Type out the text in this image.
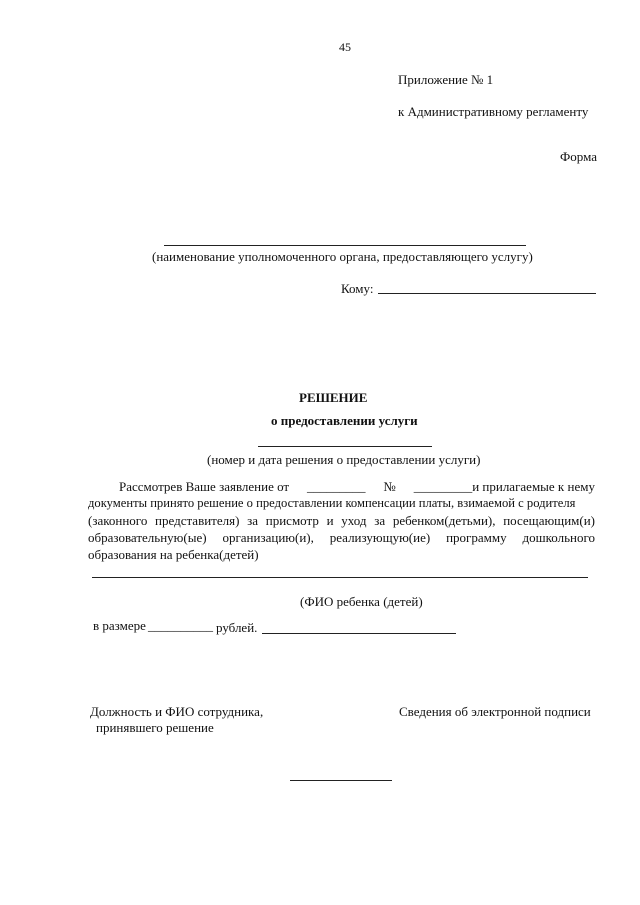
45
Приложение № 1
к Административному регламенту
Форма
(наименование уполномоченного органа, предоставляющего услугу)
Кому:
РЕШЕНИЕ
о предоставлении услуги
(номер и дата решения о предоставлении услуги)
Рассмотрев Ваше заявление от _________ № _________и прилагаемые к нему
документы принято решение о предоставлении компенсации платы, взимаемой с родителя
(законного представителя) за присмотр и уход за ребенком(детьми), посещающим(и)
образовательную(ые) организацию(и), реализующую(ие) программу дошкольного
образования на ребенка(детей)
(ФИО ребенка (детей)
в размере __________ рублей.
Должность и ФИО сотрудника,
принявшего решение
Сведения об электронной подписи
